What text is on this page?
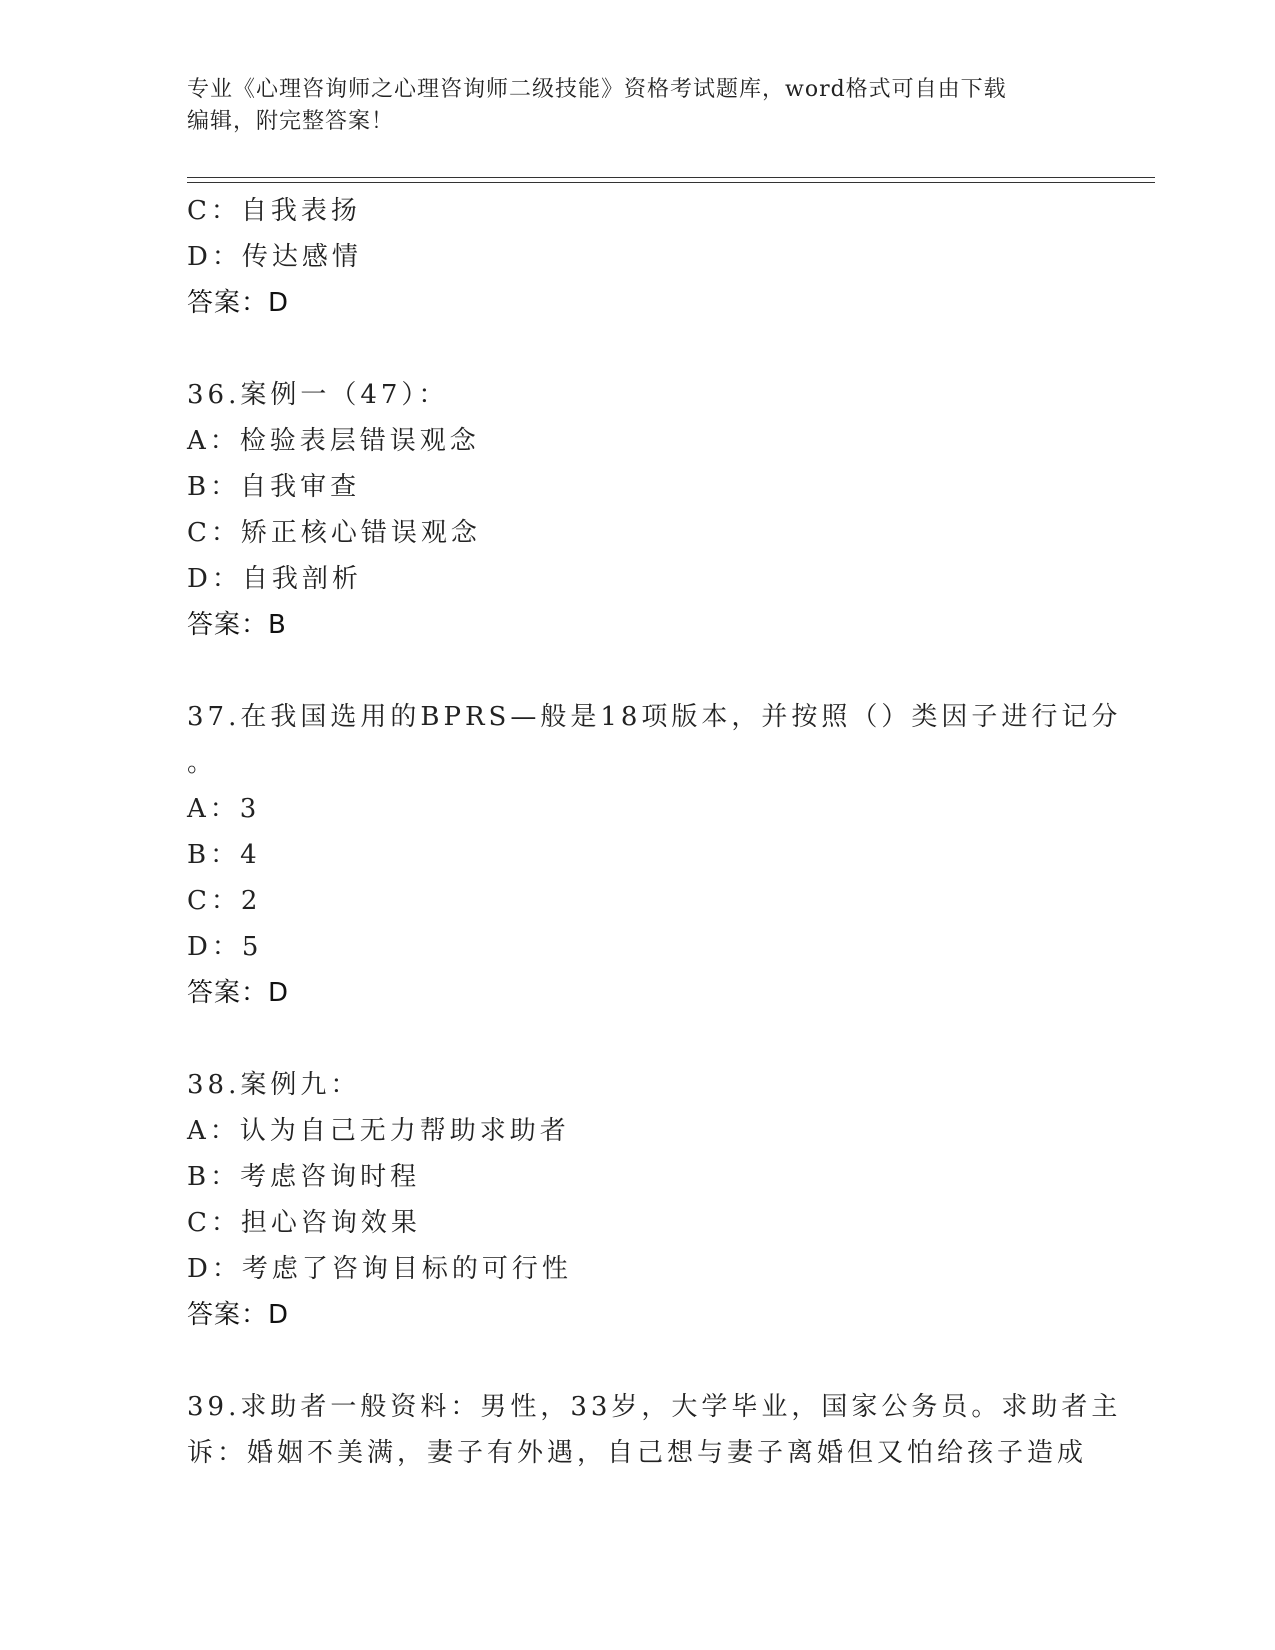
专业《心理咨询师之心理咨询师二级技能》资格考试题库，word格式可自由下载
编辑，附完整答案！
C：自我表扬
D：传达感情
答案：D
36.案例一（47）：
A：检验表层错误观念
B：自我审查
C：矫正核心错误观念
D：自我剖析
答案：B
37.在我国选用的BPRS—般是18项版本，并按照（）类因子进行记分
。
A：3
B：4
C：2
D：5
答案：D
38.案例九：
A：认为自己无力帮助求助者
B：考虑咨询时程
C：担心咨询效果
D：考虑了咨询目标的可行性
答案：D
39.求助者一般资料：男性，33岁，大学毕业，国家公务员。求助者主
诉：婚姻不美满，妻子有外遇，自己想与妻子离婚但又怕给孩子造成
